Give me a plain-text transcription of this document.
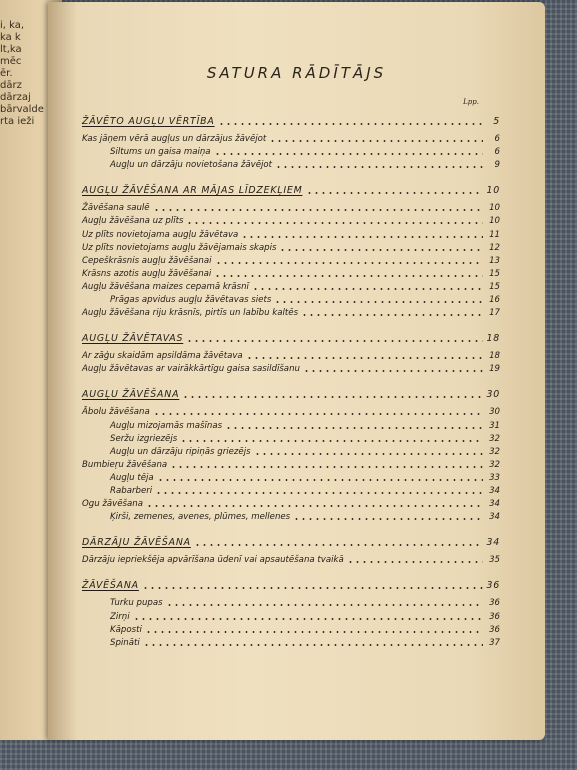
i, ka,
ka k
lt,ka
mēc
ēr.
dārz
dārzaj
bārvalde
rta ieži
SATURA RĀDĪTĀJS
Lpp.
ŽĀVĒTO AUGĻU VĒRTĪBA	5
Kas jāņem vērā augļus un dārzājus žāvējot	6
Siltums un gaisa maiņa	6
Augļu un dārzāju novietošana žāvējot	9
AUGĻU ŽĀVĒŠANA AR MĀJAS LĪDZEKĻIEM	10
Žāvēšana saulē	10
Augļu žāvēšana uz plīts	10
Uz plīts novietojama augļu žāvētava	11
Uz plīts novietojams augļu žāvējamais skapis	12
Cepeškrāsnis augļu žāvēšanai	13
Krāsns azotis augļu žāvēšanai	15
Augļu žāvēšana maizes cepamā krāsnī	15
Prāgas apvidus augļu žāvētavas siets	16
Augļu žāvēšana riju krāsnīs, pirtīs un labību kaltēs	17
AUGĻU ŽĀVĒTAVAS	18
Ar zāģu skaidām apsildāma žāvētava	18
Augļu žāvētavas ar vairākkārtīgu gaisa sasildīšanu	19
AUGĻU ŽĀVĒŠANA	30
Ābolu žāvēšana	30
Augļu mizojamās mašīnas	31
Seržu izgriezējs	32
Augļu un dārzāju ripiņās griezējs	32
Bumbieŗu žāvēšana	32
Augļu tēja	33
Rabarberi	34
Ogu žāvēšana	34
Ķirši, zemenes, avenes, plūmes, mellenes	34
DĀRZĀJU ŽĀVĒŠANA	34
Dārzāju iepriekšēja apvārīšana ūdenī vai apsautēšana tvaikā	35
ŽĀVĒŠANA	36
Turku pupas	36
Zirņi	36
Kāposti	36
Spināti	37
